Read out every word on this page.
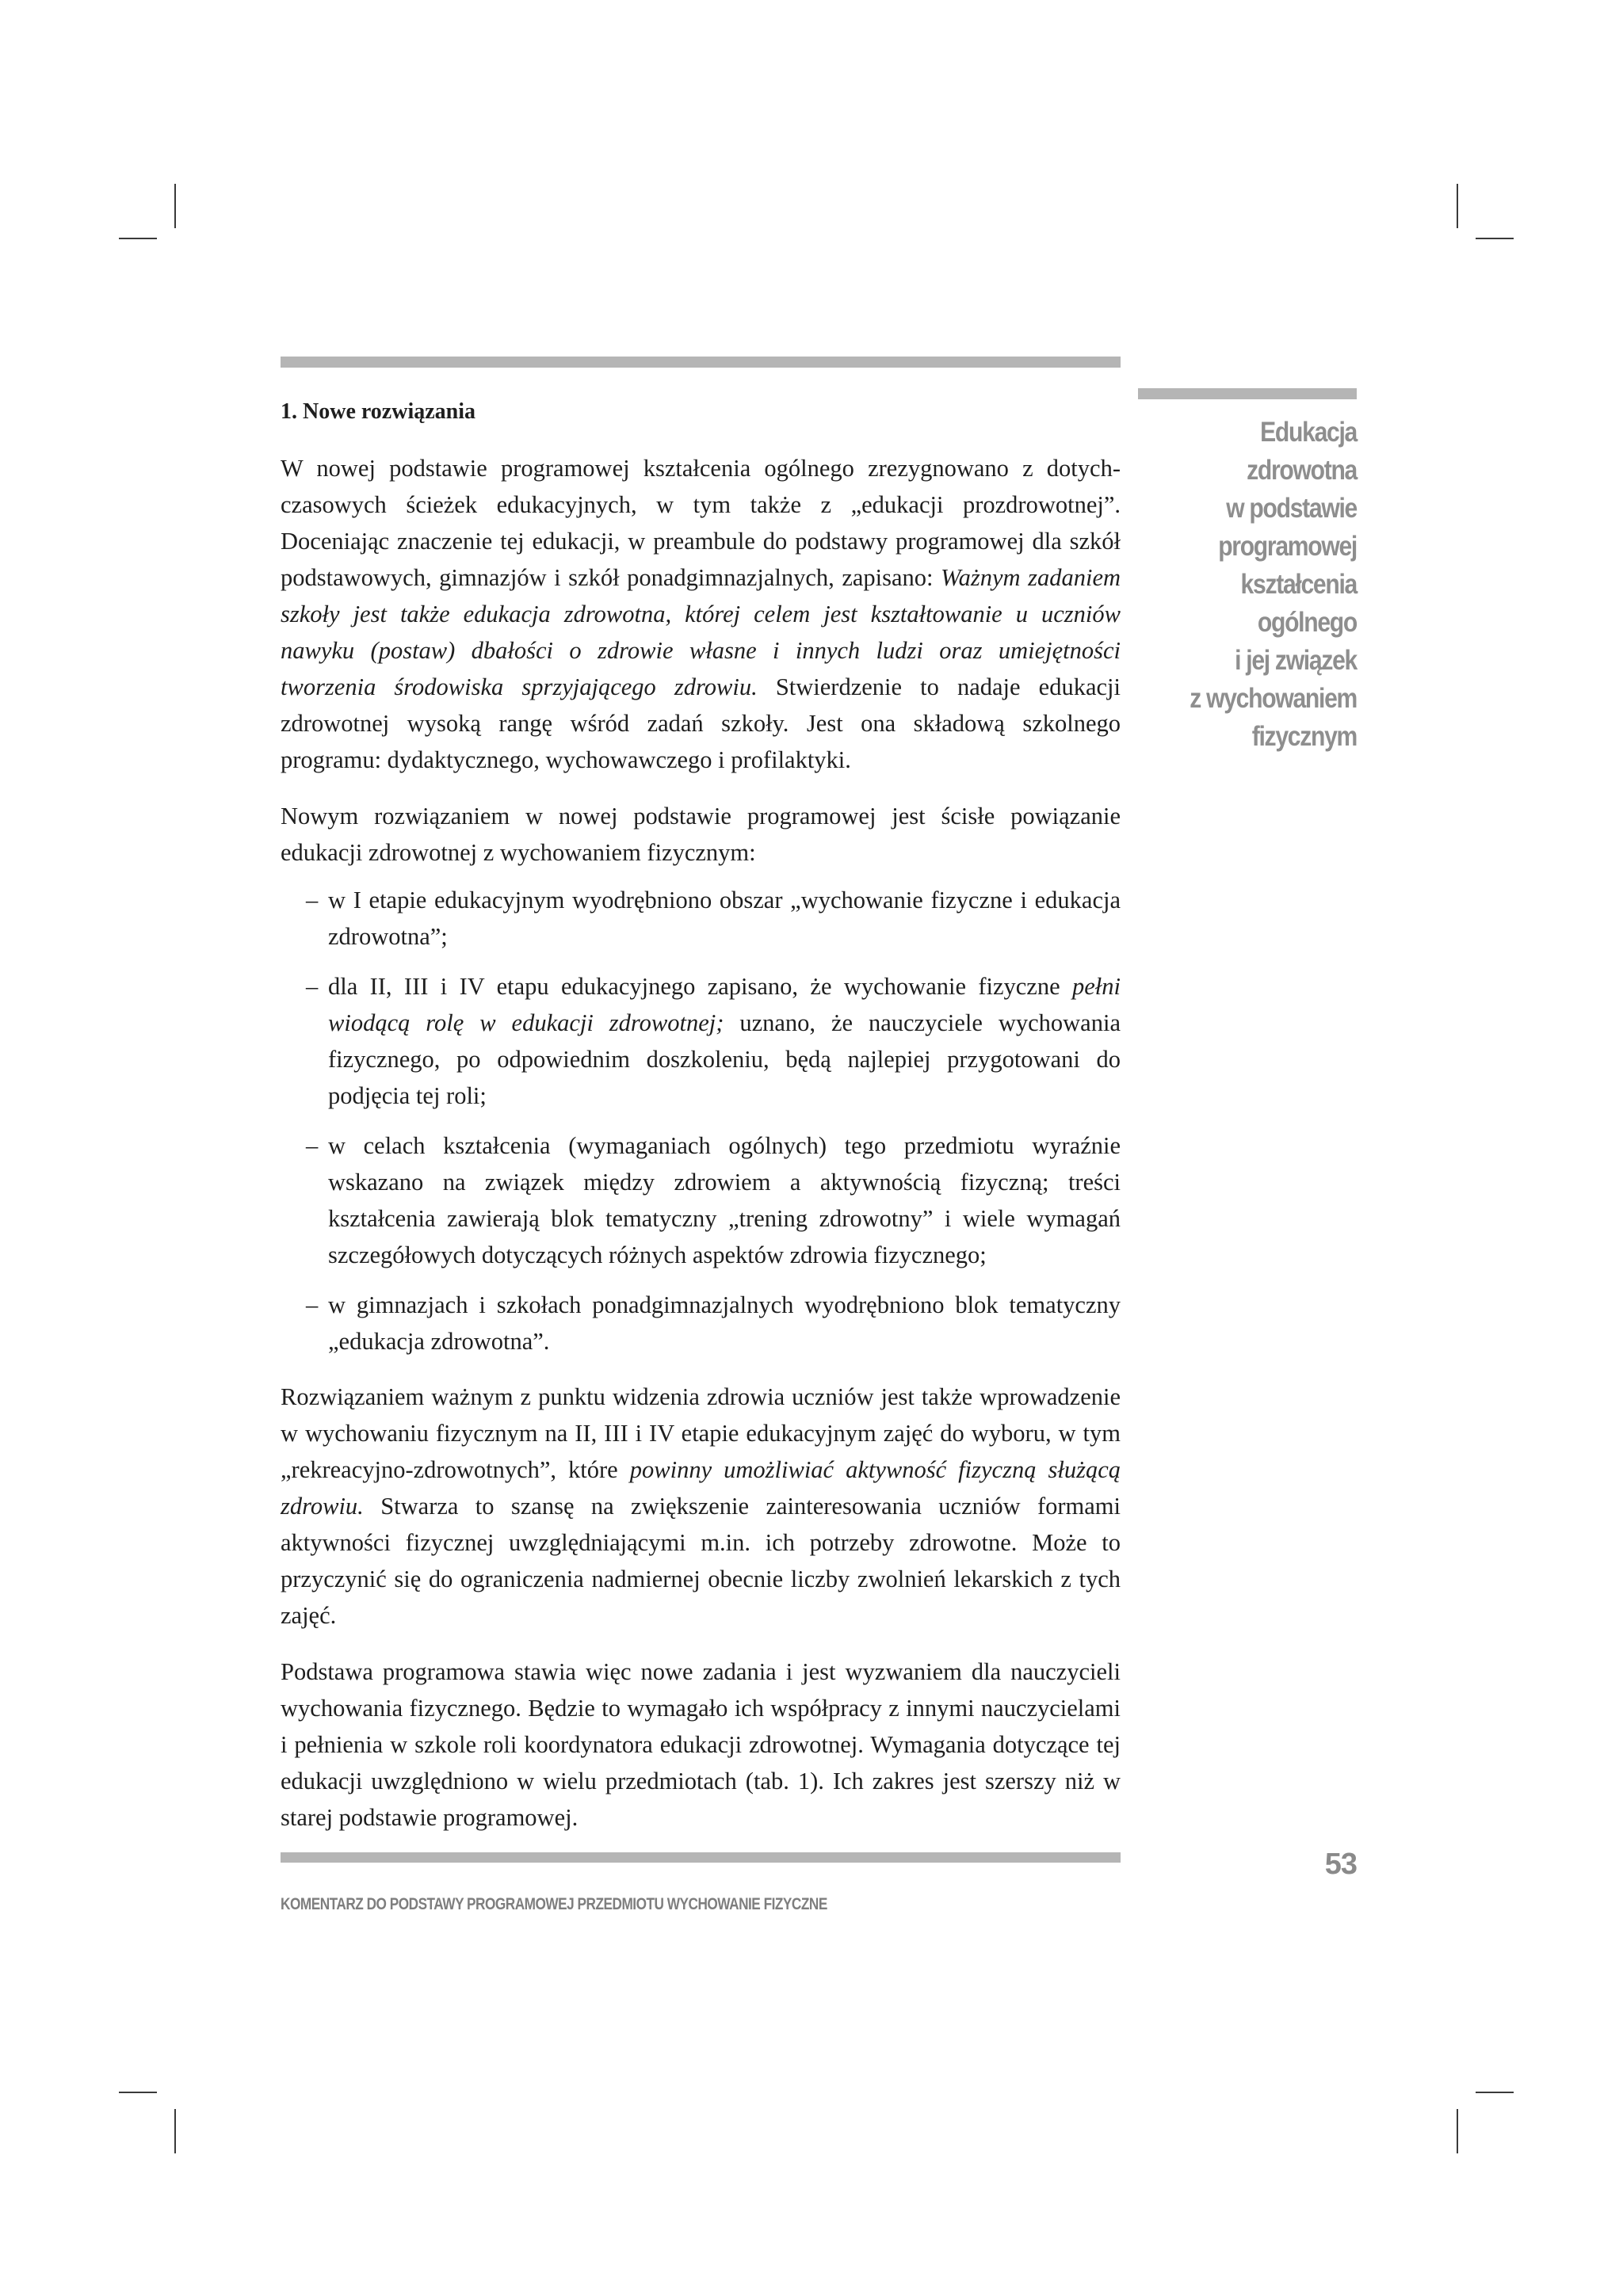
Edukacja
zdrowotna
w podstawie
programowej
kształcenia
ogólnego
i jej związek
z wychowaniem
fizycznym
1. Nowe rozwiązania

W nowej podstawie programowej kształcenia ogólnego zrezygnowano z dotychczasowych ścieżek edukacyjnych, w tym także z „edukacji prozdrowotnej”. Doceniając znaczenie tej edukacji, w preambule do podstawy programowej dla szkół podstawowych, gimnazjów i szkół ponadgimnazjalnych, zapisano: Ważnym zadaniem szkoły jest także edukacja zdrowotna, której celem jest kształtowanie u uczniów nawyku (postaw) dbałości o zdrowie własne i innych ludzi oraz umiejętności tworzenia środowiska sprzyjającego zdrowiu. Stwierdzenie to nadaje edukacji zdrowotnej wysoką rangę wśród zadań szkoły. Jest ona składową szkolnego programu: dydaktycznego, wychowawczego i profilaktyki.

Nowym rozwiązaniem w nowej podstawie programowej jest ścisłe powiązanie edukacji zdrowotnej z wychowaniem fizycznym:

– w I etapie edukacyjnym wyodrębniono obszar „wychowanie fizyczne i edukacja zdrowotna”;
– dla II, III i IV etapu edukacyjnego zapisano, że wychowanie fizyczne pełni wiodącą rolę w edukacji zdrowotnej; uznano, że nauczyciele wychowania fizycznego, po odpowiednim doszkoleniu, będą najlepiej przygotowani do podjęcia tej roli;
– w celach kształcenia (wymaganiach ogólnych) tego przedmiotu wyraźnie wskazano na związek między zdrowiem a aktywnością fizyczną; treści kształcenia zawierają blok tematyczny „trening zdrowotny” i wiele wymagań szczegółowych dotyczących różnych aspektów zdrowia fizycznego;
– w gimnazjach i szkołach ponadgimnazjalnych wyodrębniono blok tematyczny „edukacja zdrowotna”.

Rozwiązaniem ważnym z punktu widzenia zdrowia uczniów jest także wprowadzenie w wychowaniu fizycznym na II, III i IV etapie edukacyjnym zajęć do wyboru, w tym „rekreacyjno-zdrowotnych”, które powinny umożliwiać aktywność fizyczną służącą zdrowiu. Stwarza to szansę na zwiększenie zainteresowania uczniów formami aktywności fizycznej uwzględniającymi m.in. ich potrzeby zdrowotne. Może to przyczynić się do ograniczenia nadmiernej obecnie liczby zwolnień lekarskich z tych zajęć.

Podstawa programowa stawia więc nowe zadania i jest wyzwaniem dla nauczycieli wychowania fizycznego. Będzie to wymagało ich współpracy z innymi nauczycielami i pełnienia w szkole roli koordynatora edukacji zdrowotnej. Wymagania dotyczące tej edukacji uwzględniono w wielu przedmiotach (tab. 1). Ich zakres jest szerszy niż w starej podstawie programowej.

53
KOMENTARZ DO PODSTAWY PROGRAMOWEJ PRZEDMIOTU WYCHOWANIE FIZYCZNE
